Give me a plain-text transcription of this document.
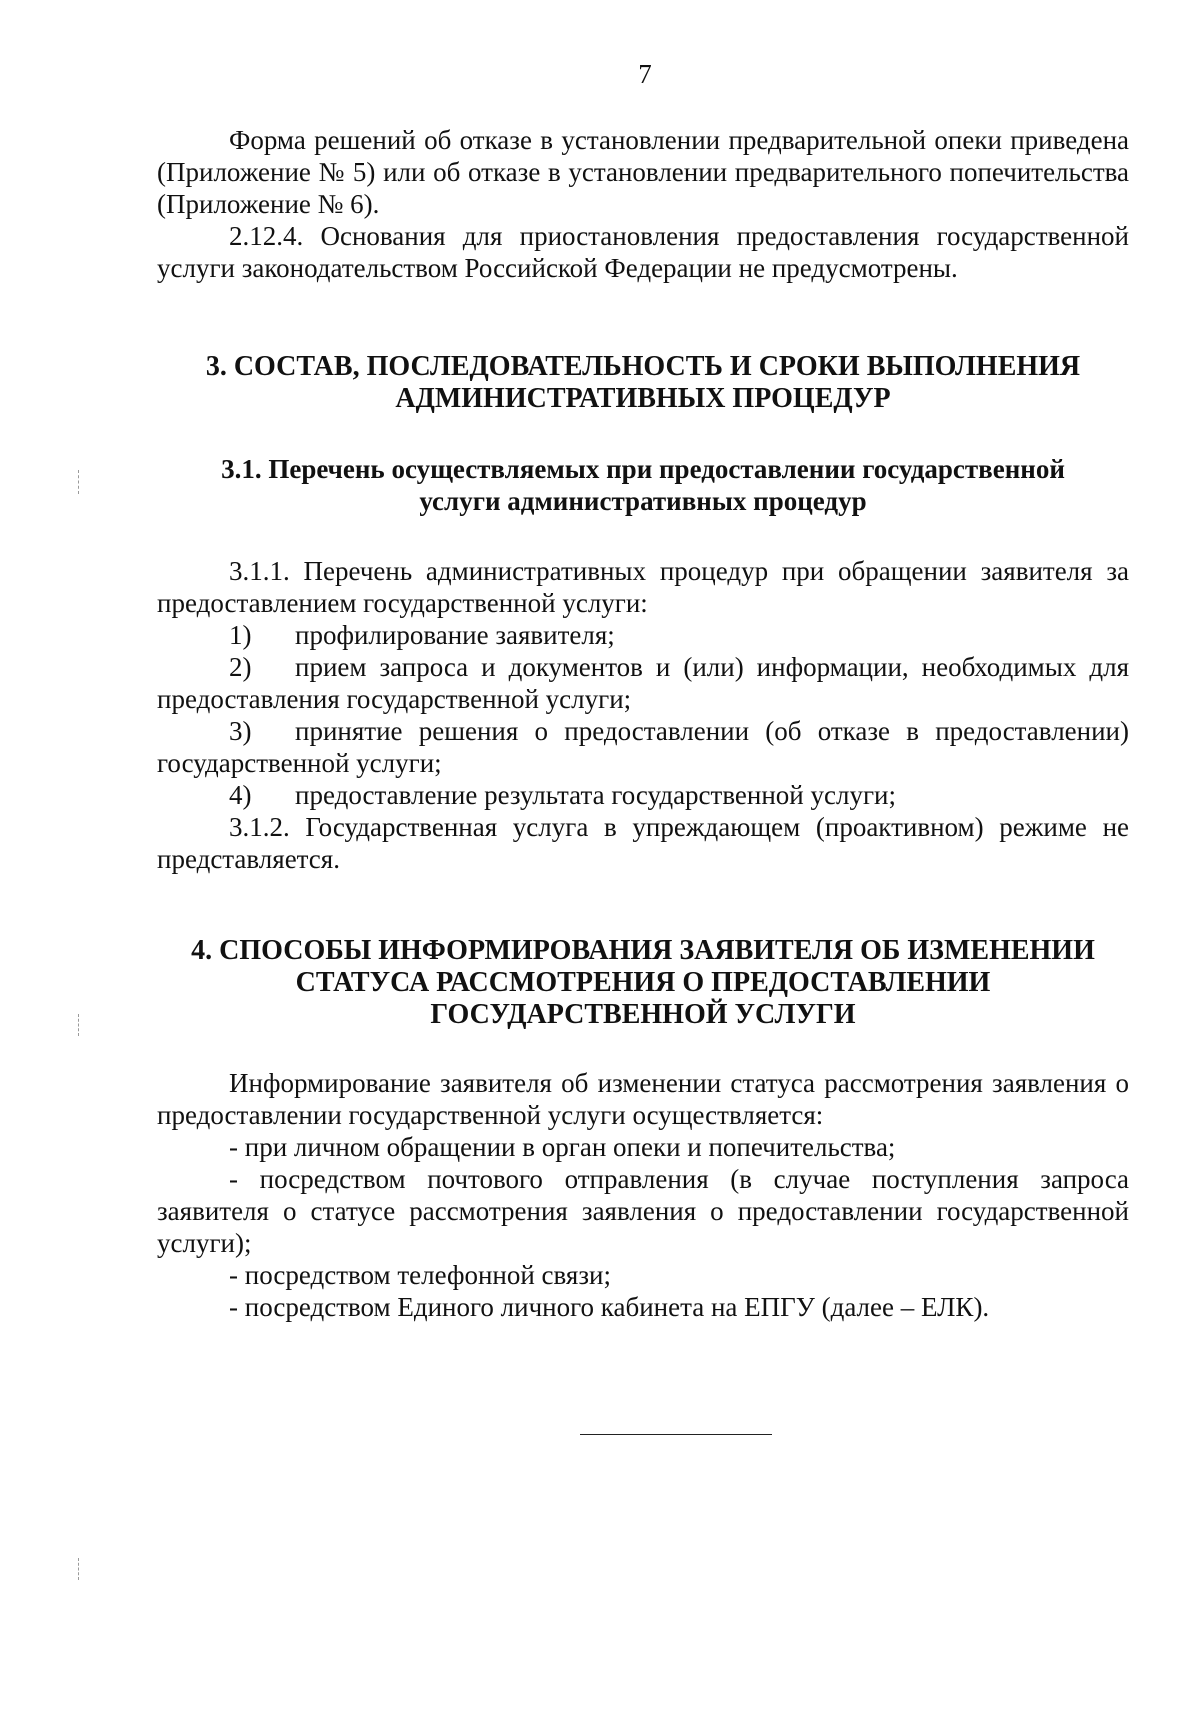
7

Форма решений об отказе в установлении предварительной опеки приведена (Приложение № 5) или об отказе в установлении предварительного попечительства (Приложение № 6).

2.12.4. Основания для приостановления предоставления государственной услуги законодательством Российской Федерации не предусмотрены.

3. СОСТАВ, ПОСЛЕДОВАТЕЛЬНОСТЬ И СРОКИ ВЫПОЛНЕНИЯ
АДМИНИСТРАТИВНЫХ ПРОЦЕДУР
3.1. Перечень осуществляемых при предоставлении государственной
услуги административных процедур

3.1.1. Перечень административных процедур при обращении заявителя за предоставлением государственной услуги:

1) профилирование заявителя;

2) прием запроса и документов и (или) информации, необходимых для предоставления государственной услуги;

3) принятие решения о предоставлении (об отказе в предоставлении) государственной услуги;

4) предоставление результата государственной услуги;

3.1.2. Государственная услуга в упреждающем (проактивном) режиме не представляется.

4. СПОСОБЫ ИНФОРМИРОВАНИЯ ЗАЯВИТЕЛЯ ОБ ИЗМЕНЕНИИ
СТАТУСА РАССМОТРЕНИЯ О ПРЕДОСТАВЛЕНИИ
ГОСУДАРСТВЕННОЙ УСЛУГИ

Информирование заявителя об изменении статуса рассмотрения заявления о предоставлении государственной услуги осуществляется:

- при личном обращении в орган опеки и попечительства;

- посредством почтового отправления (в случае поступления запроса заявителя о статусе рассмотрения заявления о предоставлении государственной услуги);

- посредством телефонной связи;

- посредством Единого личного кабинета на ЕПГУ (далее – ЕЛК).
